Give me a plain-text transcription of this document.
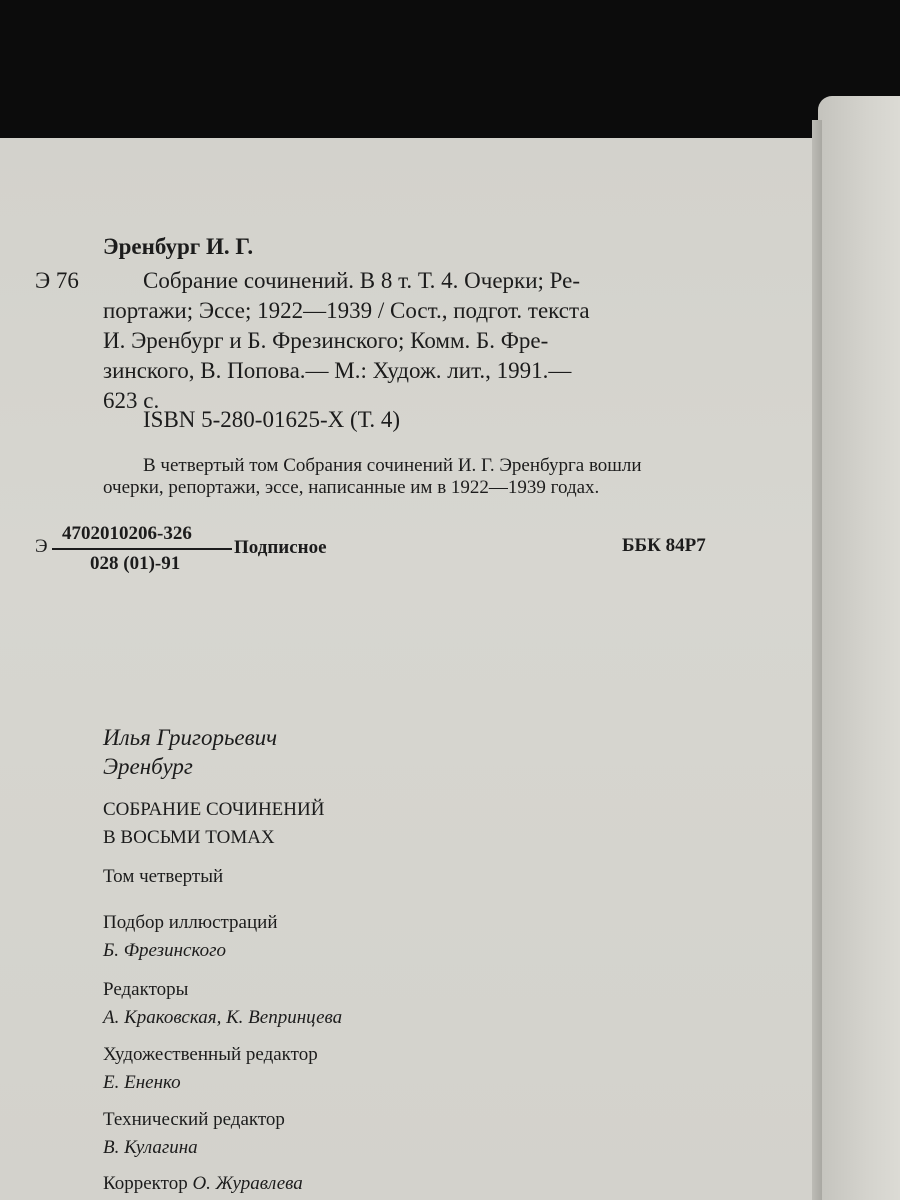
Эренбург И. Г.
Э 76	Собрание сочинений. В 8 т. Т. 4. Очерки; Ре-
портажи; Эссе; 1922—1939 / Сост., подгот. текста
И. Эренбург и Б. Фрезинского; Комм. Б. Фре-
зинского, В. Попова.— М.: Худож. лит., 1991.—
623 с.
ISBN 5-280-01625-X (Т. 4)
В четвертый том Собрания сочинений И. Г. Эренбурга вошли
очерки, репортажи, эссе, написанные им в 1922—1939 годах.
Э
4702010206-326
028 (01)-91
Подписное	ББК 84Р7
Илья Григорьевич
Эренбург
СОБРАНИЕ СОЧИНЕНИЙ
В ВОСЬМИ ТОМАХ
Том четвертый
Подбор иллюстраций
Б. Фрезинского
Редакторы
А. Краковская, К. Вепринцева
Художественный редактор
Е. Ененко
Технический редактор
В. Кулагина
Корректор О. Журавлева
